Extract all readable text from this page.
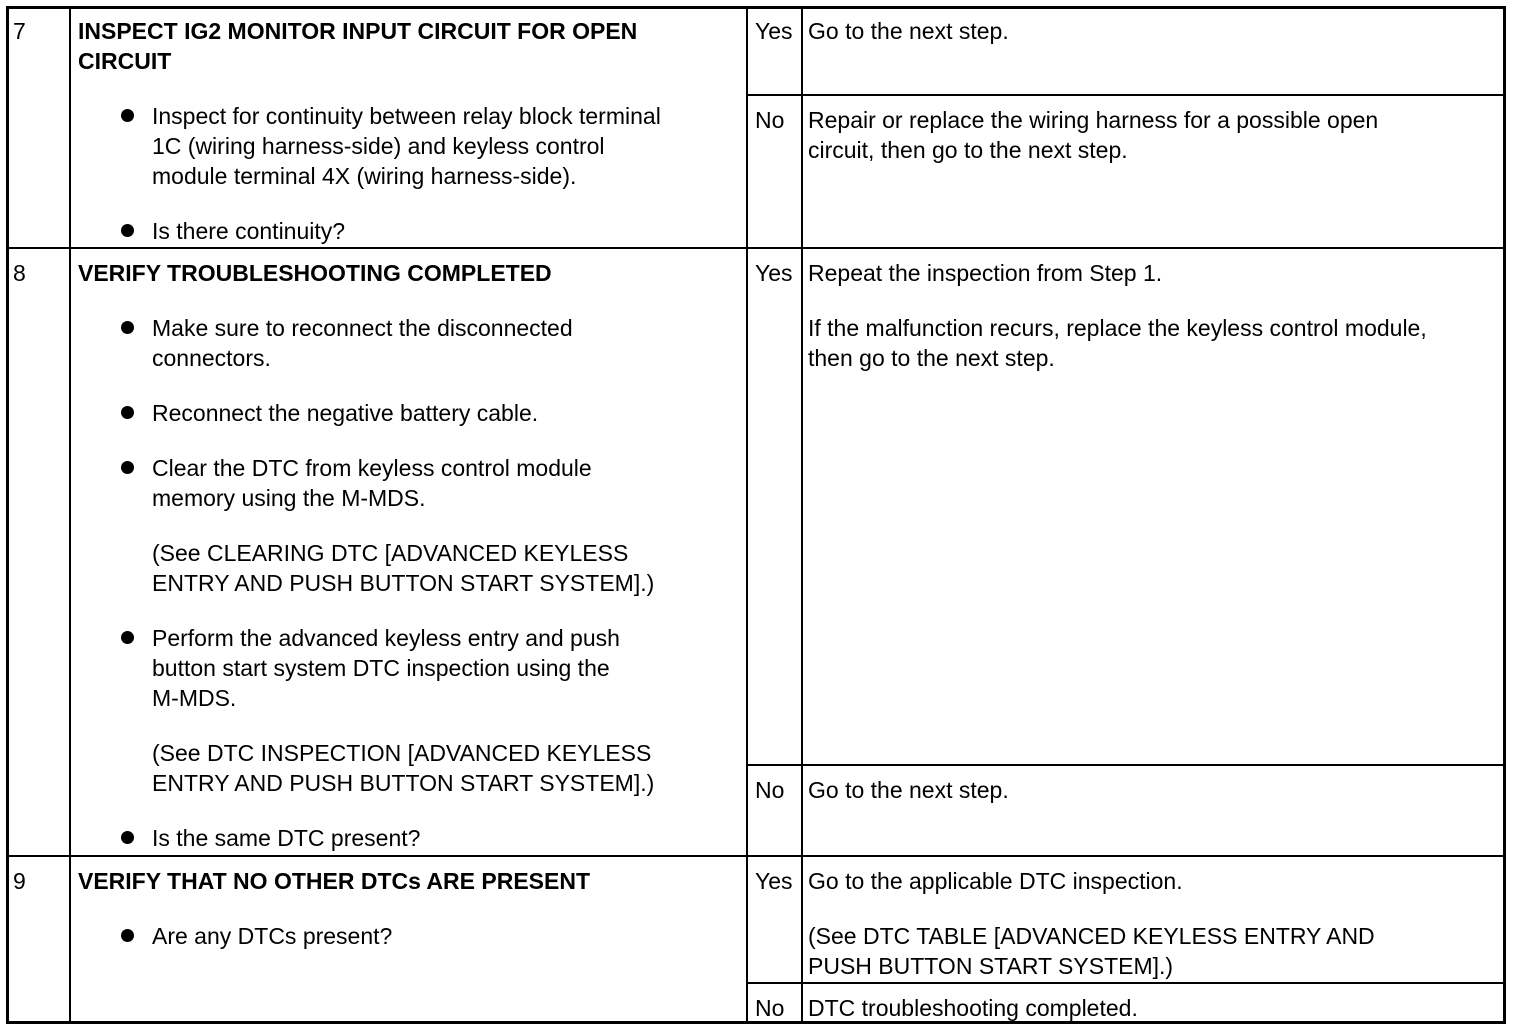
7 INSPECT IG2 MONITOR INPUT CIRCUIT FOR OPEN
CIRCUIT
Inspect for continuity between relay block terminal
1C (wiring harness-side) and keyless control
module terminal 4X (wiring harness-side).
Is there continuity?
Yes Go to the next step.
No Repair or replace the wiring harness for a possible open
circuit, then go to the next step.
8 VERIFY TROUBLESHOOTING COMPLETED
Make sure to reconnect the disconnected
connectors.
Reconnect the negative battery cable.
Clear the DTC from keyless control module
memory using the M-MDS.
(See CLEARING DTC [ADVANCED KEYLESS
ENTRY AND PUSH BUTTON START SYSTEM].)
Perform the advanced keyless entry and push
button start system DTC inspection using the
M-MDS.
(See DTC INSPECTION [ADVANCED KEYLESS
ENTRY AND PUSH BUTTON START SYSTEM].)
Is the same DTC present?
Yes Repeat the inspection from Step 1.
If the malfunction recurs, replace the keyless control module,
then go to the next step.
No Go to the next step.
9 VERIFY THAT NO OTHER DTCs ARE PRESENT
Are any DTCs present?
Yes Go to the applicable DTC inspection.
(See DTC TABLE [ADVANCED KEYLESS ENTRY AND
PUSH BUTTON START SYSTEM].)
No DTC troubleshooting completed.
